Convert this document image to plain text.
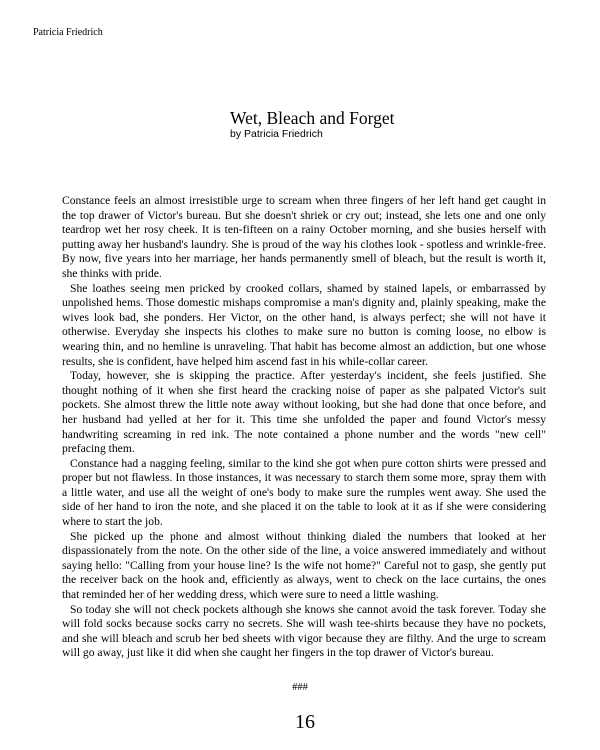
Patricia Friedrich
Wet, Bleach and Forget
by Patricia Friedrich

Constance feels an almost irresistible urge to scream when three fingers of her left hand get caught in the top drawer of Victor's bureau. But she doesn't shriek or cry out; instead, she lets one and one only teardrop wet her rosy cheek. It is ten-fifteen on a rainy October morning, and she busies herself with putting away her husband's laundry. She is proud of the way his clothes look - spotless and wrinkle-free. By now, five years into her marriage, her hands permanently smell of bleach, but the result is worth it, she thinks with pride.

She loathes seeing men pricked by crooked collars, shamed by stained lapels, or embarrassed by unpolished hems. Those domestic mishaps compromise a man's dignity and, plainly speaking, make the wives look bad, she ponders. Her Victor, on the other hand, is always perfect; she will not have it otherwise. Everyday she inspects his clothes to make sure no button is coming loose, no elbow is wearing thin, and no hemline is unraveling. That habit has become almost an addiction, but one whose results, she is confident, have helped him ascend fast in his while-collar career.

Today, however, she is skipping the practice. After yesterday's incident, she feels justified. She thought nothing of it when she first heard the cracking noise of paper as she palpated Victor's suit pockets. She almost threw the little note away without looking, but she had done that once before, and her husband had yelled at her for it. This time she unfolded the paper and found Victor's messy handwriting screaming in red ink. The note contained a phone number and the words "new cell" prefacing them.

Constance had a nagging feeling, similar to the kind she got when pure cotton shirts were pressed and proper but not flawless. In those instances, it was necessary to starch them some more, spray them with a little water, and use all the weight of one's body to make sure the rumples went away. She used the side of her hand to iron the note, and she placed it on the table to look at it as if she were considering where to start the job.

She picked up the phone and almost without thinking dialed the numbers that looked at her dispassionately from the note. On the other side of the line, a voice answered immediately and without saying hello: "Calling from your house line? Is the wife not home?" Careful not to gasp, she gently put the receiver back on the hook and, efficiently as always, went to check on the lace curtains, the ones that reminded her of her wedding dress, which were sure to need a little washing.

So today she will not check pockets although she knows she cannot avoid the task forever. Today she will fold socks because socks carry no secrets. She will wash tee-shirts because they have no pockets, and she will bleach and scrub her bed sheets with vigor because they are filthy. And the urge to scream will go away, just like it did when she caught her fingers in the top drawer of Victor's bureau.

###
16
